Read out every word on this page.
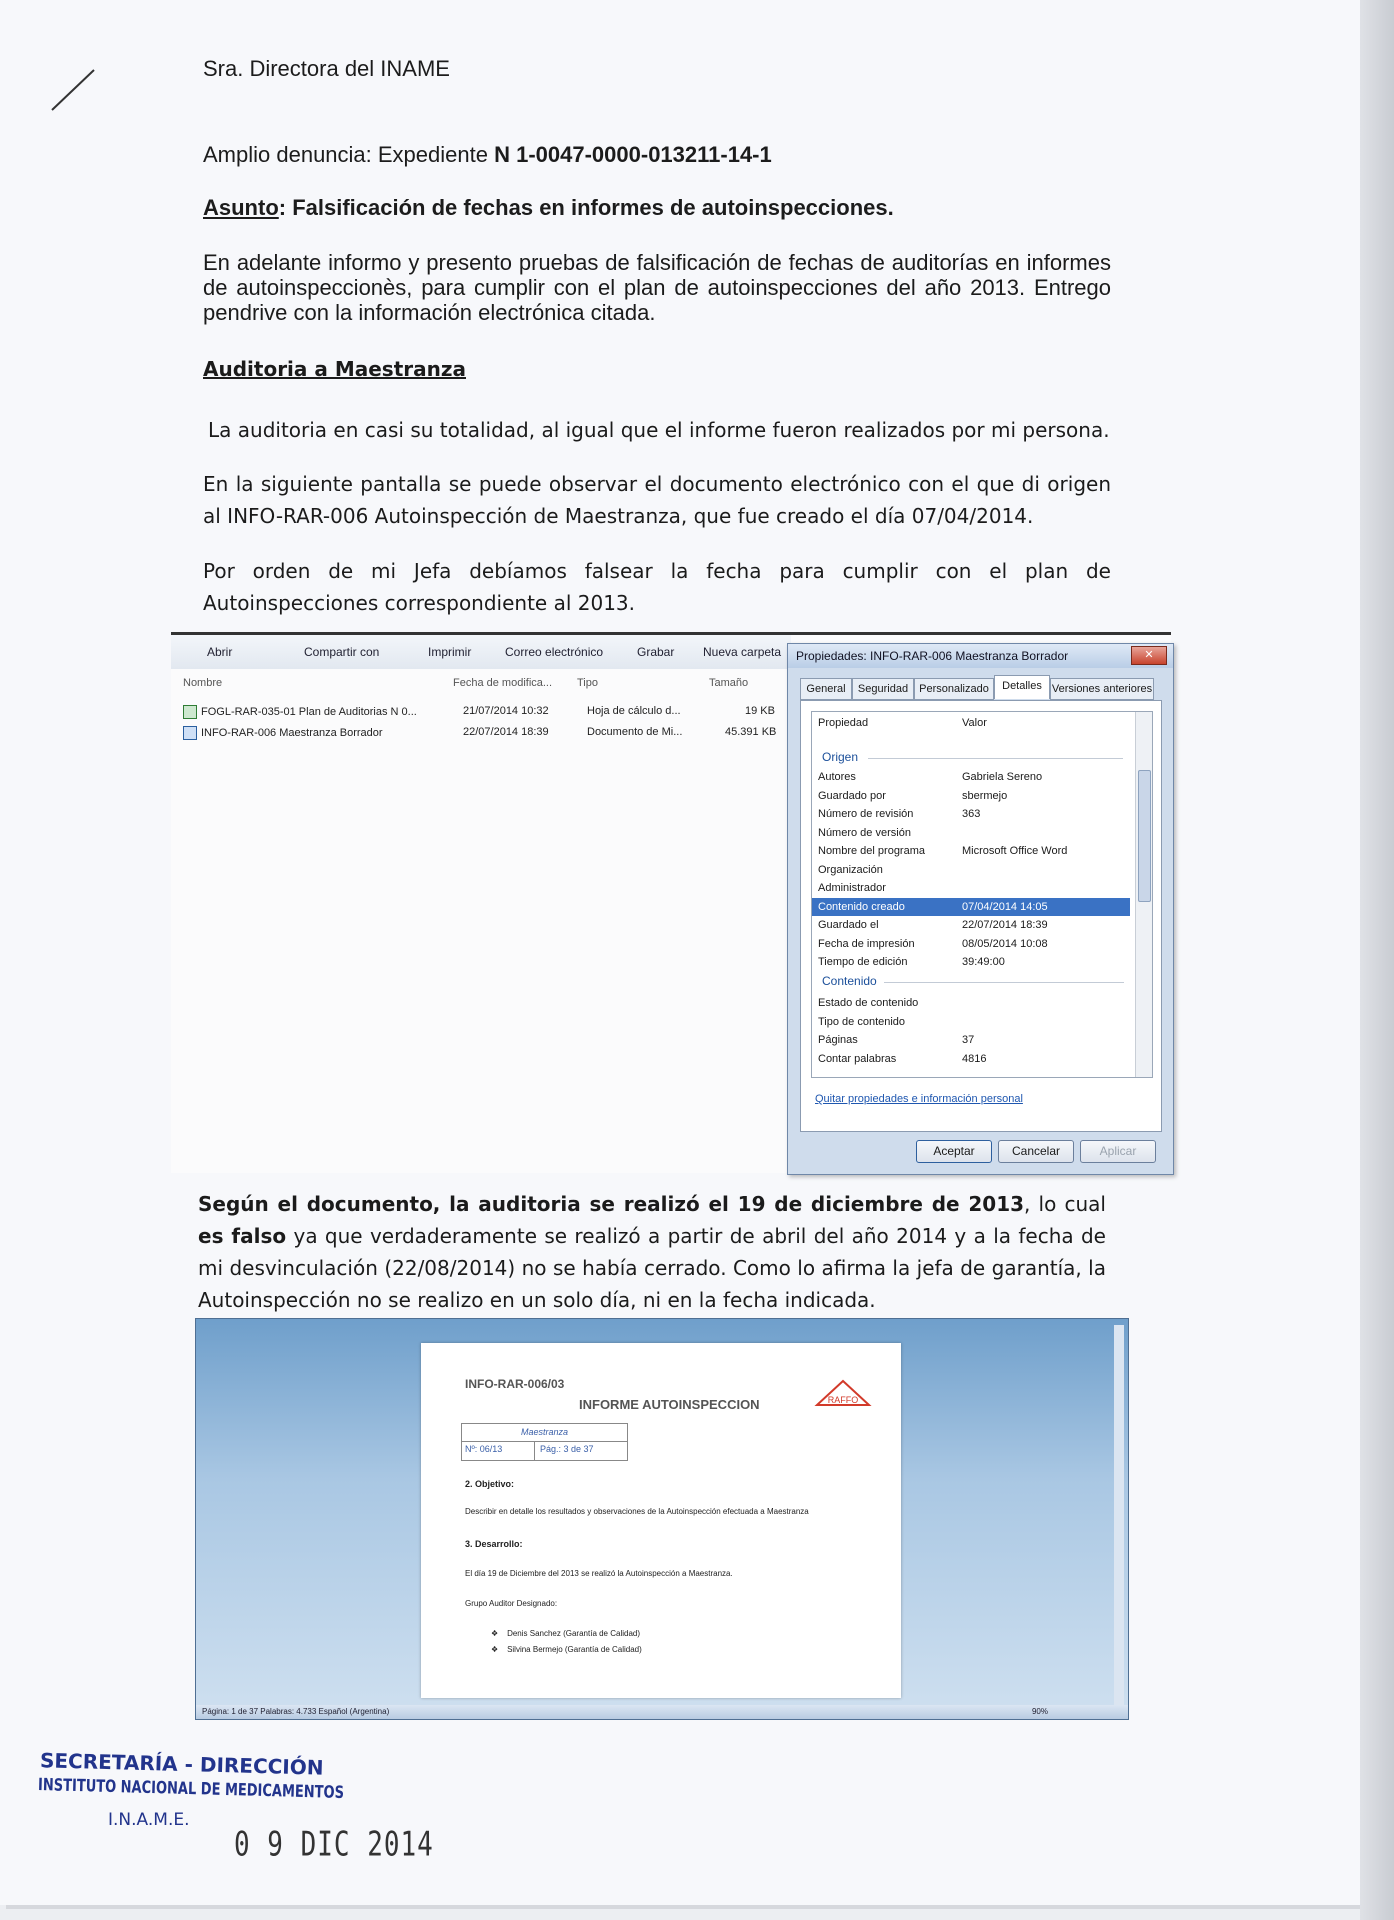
Sra. Directora del INAME
Amplio denuncia: Expediente N 1-0047-0000-013211-14-1
Asunto: Falsificación de fechas en informes de autoinspecciones.
En adelante informo y presento pruebas de falsificación de fechas de auditorías en informes de autoinspeccionès, para cumplir con el plan de autoinspecciones del año 2013. Entrego pendrive con la información electrónica citada.
Auditoria a Maestranza
La auditoria en casi su totalidad, al igual que el informe fueron realizados por mi persona.
En la siguiente pantalla se puede observar el documento electrónico con el que di origen al INFO-RAR-006 Autoinspección de Maestranza, que fue creado el día 07/04/2014.
Por orden de mi Jefa debíamos falsear la fecha para cumplir con el plan de Autoinspecciones correspondiente al 2013.
Abrir	Compartir con	Imprimir	Correo electrónico	Grabar Nueva carpeta
Nombre	Fecha de modifica... Tipo	Tamaño
FOGL-RAR-035-01 Plan de Auditorias N 0...	21/07/2014 10:32	Hoja de cálculo d...	19 KB
INFO-RAR-006 Maestranza Borrador	22/07/2014 18:39	Documento de Mi...	45.391 KB
Propiedades: INFO-RAR-006 Maestranza Borrador	✕
General	Seguridad	Personalizado	Detalles Versiones anteriores
Propiedad	Valor
Origen
Autores	Gabriela Sereno
Guardado por	sbermejo
Número de revisión	363
Número de versión
Nombre del programa	Microsoft Office Word
Organización
Administrador
Contenido creado	07/04/2014 14:05
Guardado el	22/07/2014 18:39
Fecha de impresión	08/05/2014 10:08
Tiempo de edición	39:49:00
Contenido
Estado de contenido
Tipo de contenido
Páginas	37
Contar palabras	4816
Quitar propiedades e información personal
Aceptar	Cancelar	Aplicar
Según el documento, la auditoria se realizó el 19 de diciembre de 2013, lo cual es falso ya que verdaderamente se realizó a partir de abril del año 2014 y a la fecha de mi desvinculación (22/08/2014) no se había cerrado. Como lo afirma la jefa de garantía, la Autoinspección no se realizo en un solo día, ni en la fecha indicada.
INFO-RAR-006/03
INFORME AUTOINSPECCION	RAFFO
Maestranza
Nº: 06/13	Pág.: 3 de 37
2. Objetivo:
Describir en detalle los resultados y observaciones de la Autoinspección efectuada a Maestranza
3. Desarrollo:
El día 19 de Diciembre del 2013 se realizó la Autoinspección a Maestranza.
Grupo Auditor Designado:
❖    Denis Sanchez (Garantía de Calidad)
❖    Silvina Bermejo (Garantía de Calidad)
Página: 1 de 37 Palabras: 4.733 Español (Argentina)	90%
SECRETARÍA - DIRECCIÓN
INSTITUTO NACIONAL DE MEDICAMENTOS
I.N.A.M.E.
0 9 DIC 2014
